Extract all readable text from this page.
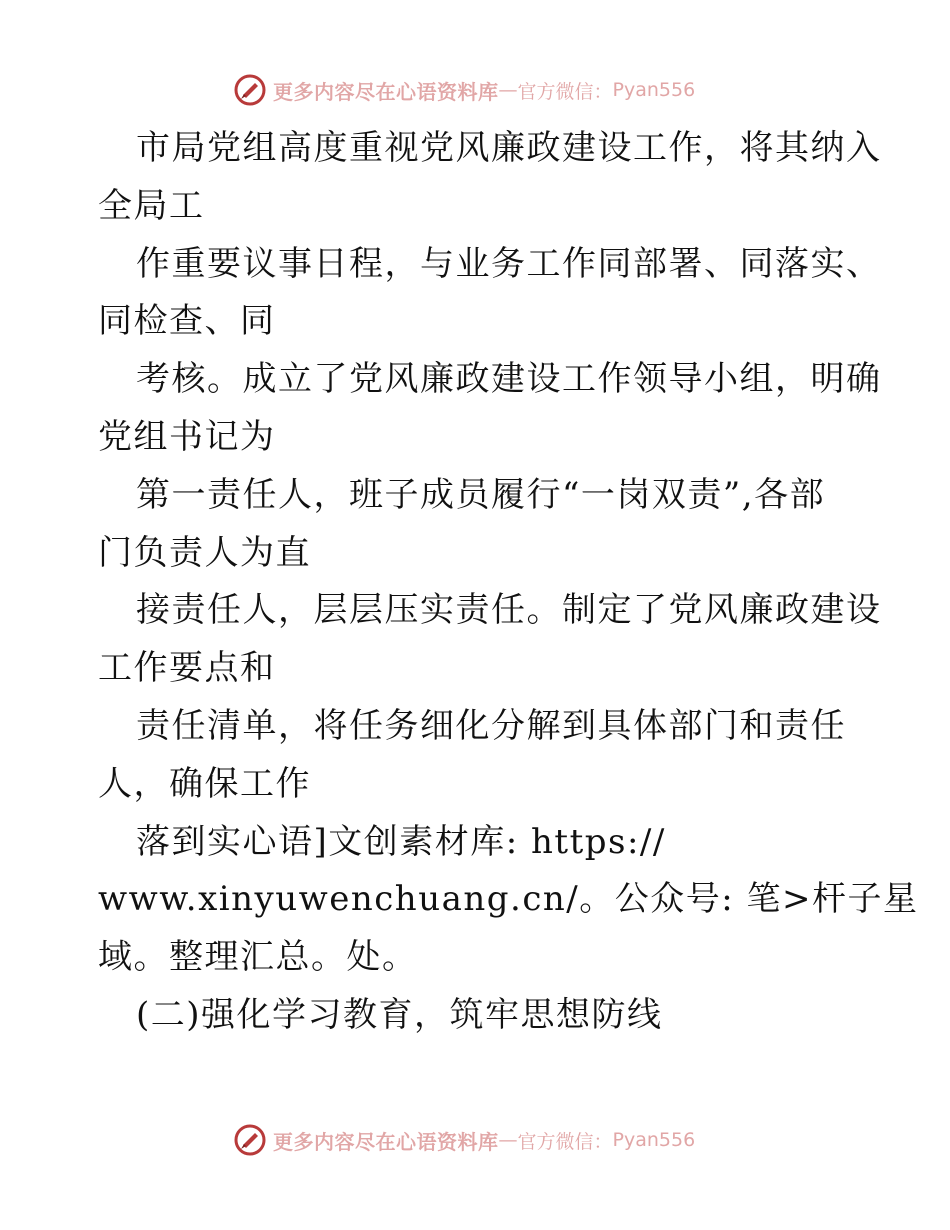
更多内容尽在心语资料库 — 官方微信： Pyan556
市局党组高度重视党风廉政建设工作，将其纳入
全局工
作重要议事日程，与业务工作同部署、同落实、
同检查、同
考核。成立了党风廉政建设工作领导小组，明确
党组书记为
第一责任人，班子成员履行“一岗双责”,各部
门负责人为直
接责任人，层层压实责任。制定了党风廉政建设
工作要点和
责任清单，将任务细化分解到具体部门和责任
人，确保工作
落到实心语]文创素材库: https://
www.xinyuwenchuang.cn/。公众号: 笔>杆子星
域。整理汇总。处。
(二)强化学习教育，筑牢思想防线
更多内容尽在心语资料库 — 官方微信： Pyan556
